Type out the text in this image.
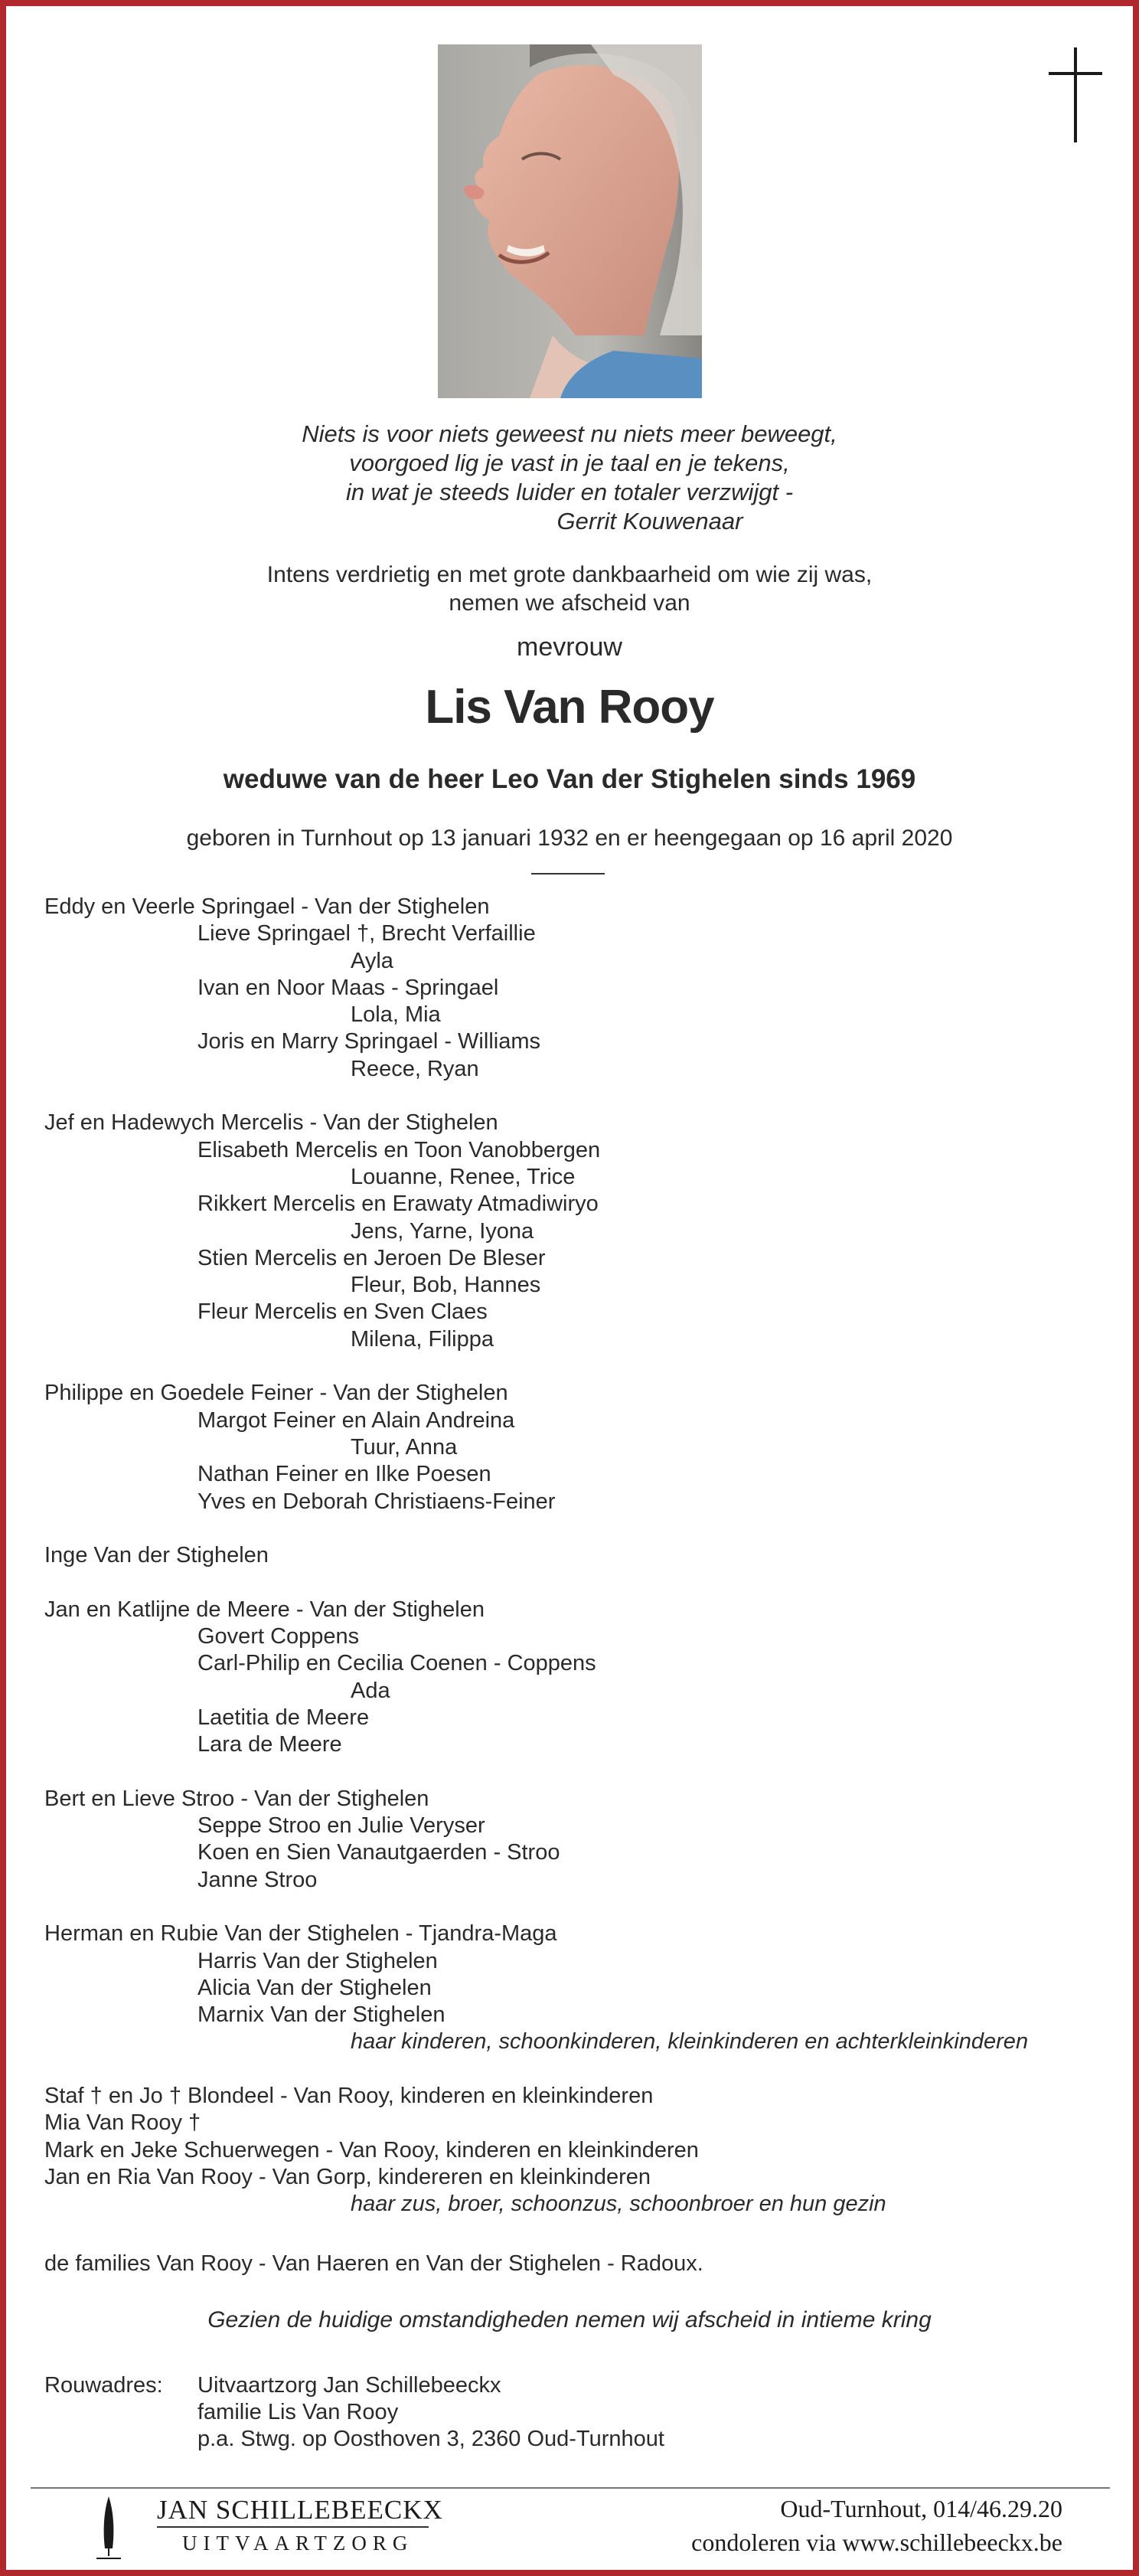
Niets is voor niets geweest nu niets meer beweegt,
voorgoed lig je vast in je taal en je tekens,
in wat je steeds luider en totaler verzwijgt -
Gerrit Kouwenaar
Intens verdrietig en met grote dankbaarheid om wie zij was,
nemen we afscheid van
mevrouw
Lis Van Rooy
weduwe van de heer Leo Van der Stighelen sinds 1969
geboren in Turnhout op 13 januari 1932 en er heengegaan op 16 april 2020
Eddy en Veerle Springael - Van der Stighelen
Lieve Springael †, Brecht Verfaillie
Ayla
Ivan en Noor Maas - Springael
Lola, Mia
Joris en Marry Springael - Williams
Reece, Ryan
Jef en Hadewych Mercelis - Van der Stighelen
Elisabeth Mercelis en Toon Vanobbergen
Louanne, Renee, Trice
Rikkert Mercelis en Erawaty Atmadiwiryo
Jens, Yarne, Iyona
Stien Mercelis en Jeroen De Bleser
Fleur, Bob, Hannes
Fleur Mercelis en Sven Claes
Milena, Filippa
Philippe en Goedele Feiner - Van der Stighelen
Margot Feiner en Alain Andreina
Tuur, Anna
Nathan Feiner en Ilke Poesen
Yves en Deborah Christiaens-Feiner
Inge Van der Stighelen
Jan en Katlijne de Meere - Van der Stighelen
Govert Coppens
Carl-Philip en Cecilia Coenen - Coppens
Ada
Laetitia de Meere
Lara de Meere
Bert en Lieve Stroo - Van der Stighelen
Seppe Stroo en Julie Veryser
Koen en Sien Vanautgaerden - Stroo
Janne Stroo
Herman en Rubie Van der Stighelen - Tjandra-Maga
Harris Van der Stighelen
Alicia Van der Stighelen
Marnix Van der Stighelen
haar kinderen, schoonkinderen, kleinkinderen en achterkleinkinderen
Staf † en Jo † Blondeel - Van Rooy, kinderen en kleinkinderen
Mia Van Rooy †
Mark en Jeke Schuerwegen - Van Rooy, kinderen en kleinkinderen
Jan en Ria Van Rooy - Van Gorp, kindereren en kleinkinderen
haar zus, broer, schoonzus, schoonbroer en hun gezin
de families Van Rooy - Van Haeren en Van der Stighelen - Radoux.
Gezien de huidige omstandigheden nemen wij afscheid in intieme kring
Rouwadres: Uitvaartzorg Jan Schillebeeckx
familie Lis Van Rooy
p.a. Stwg. op Oosthoven 3, 2360 Oud-Turnhout
JAN SCHILLEBEECKX
UITVAARTZORG
Oud-Turnhout, 014/46.29.20
condoleren via www.schillebeeckx.be
